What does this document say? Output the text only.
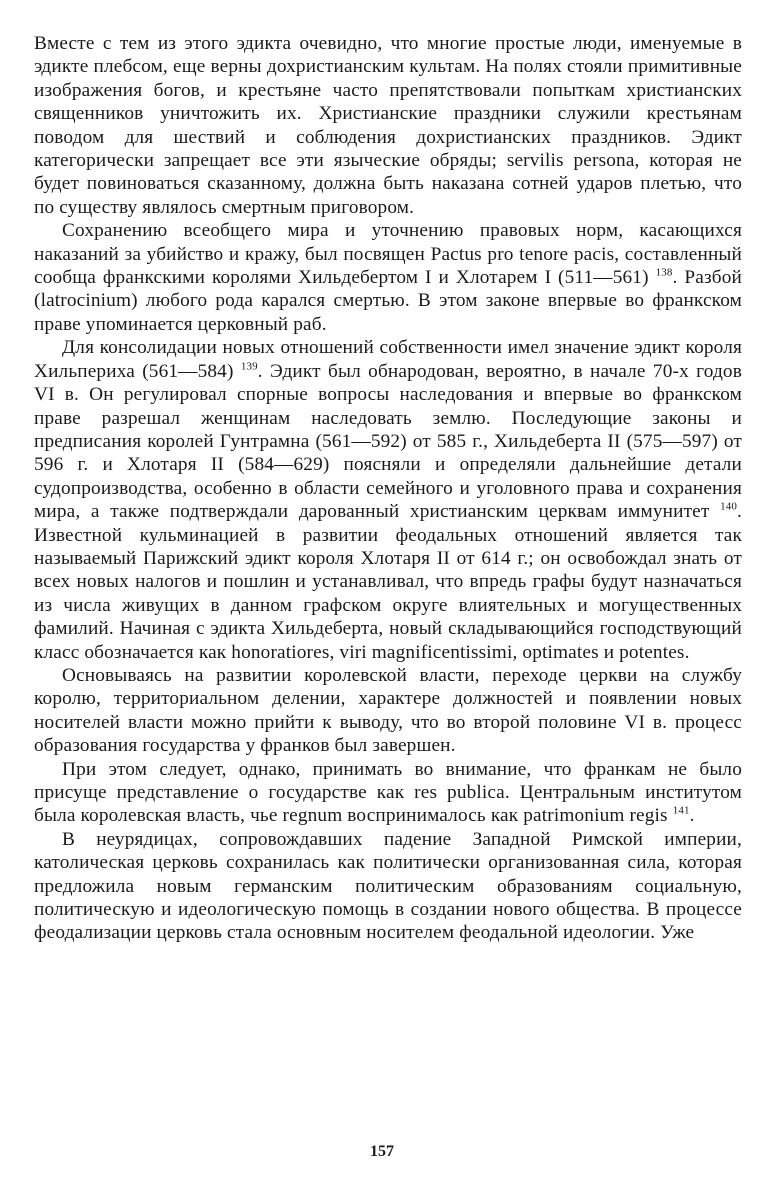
Вместе с тем из этого эдикта очевидно, что многие простые люди, именуемые в эдикте плебсом, еще верны дохристианским культам. На полях стояли примитивные изображения богов, и крестьяне часто препятствовали попыткам христианских священников уничтожить их. Христианские праздники служили крестьянам поводом для шествий и соблюдения дохристианских праздников. Эдикт категорически запрещает все эти языческие обряды; servilis persona, которая не будет повиноваться сказанному, должна быть наказана сотней ударов плетью, что по существу являлось смертным приговором.

Сохранению всеобщего мира и уточнению правовых норм, касающихся наказаний за убийство и кражу, был посвящен Pactus pro tenore pacis, составленный сообща франкскими королями Хильдебертом I и Хлотарем I (511—561) $^{138}$. Разбой (latrocinium) любого рода карался смертью. В этом законе впервые во франкском праве упоминается церковный раб.

Для консолидации новых отношений собственности имел значение эдикт короля Хильпериха (561—584) $^{139}$. Эдикт был обнародован, вероятно, в начале 70-х годов VI в. Он регулировал спорные вопросы наследования и впервые во франкском праве разрешал женщинам наследовать землю. Последующие законы и предписания королей Гунтрамна (561—592) от 585 г., Хильдеберта II (575—597) от 596 г. и Хлотаря II (584—629) поясняли и определяли дальнейшие детали судопроизводства, особенно в области семейного и уголовного права и сохранения мира, а также подтверждали дарованный христианским церквам иммунитет $^{140}$. Известной кульминацией в развитии феодальных отношений является так называемый Парижский эдикт короля Хлотаря II от 614 г.; он освобождал знать от всех новых налогов и пошлин и устанавливал, что впредь графы будут назначаться из числа живущих в данном графском округе влиятельных и могущественных фамилий. Начиная с эдикта Хильдеберта, новый складывающийся господствующий класс обозначается как honoratiores, viri magnificentissimi, optimates и potentes.

Основываясь на развитии королевской власти, переходе церкви на службу королю, территориальном делении, характере должностей и появлении новых носителей власти можно прийти к выводу, что во второй половине VI в. процесс образования государства у франков был завершен.

При этом следует, однако, принимать во внимание, что франкам не было присуще представление о государстве как res publica. Центральным институтом была королевская власть, чье regnum воспринималось как patrimonium regis $^{141}$.

В неурядицах, сопровождавших падение Западной Римской империи, католическая церковь сохранилась как политически организованная сила, которая предложила новым германским политическим образованиям социальную, политическую и идеологическую помощь в создании нового общества. В процессе феодализации церковь стала основным носителем феодальной идеологии. Уже

157
